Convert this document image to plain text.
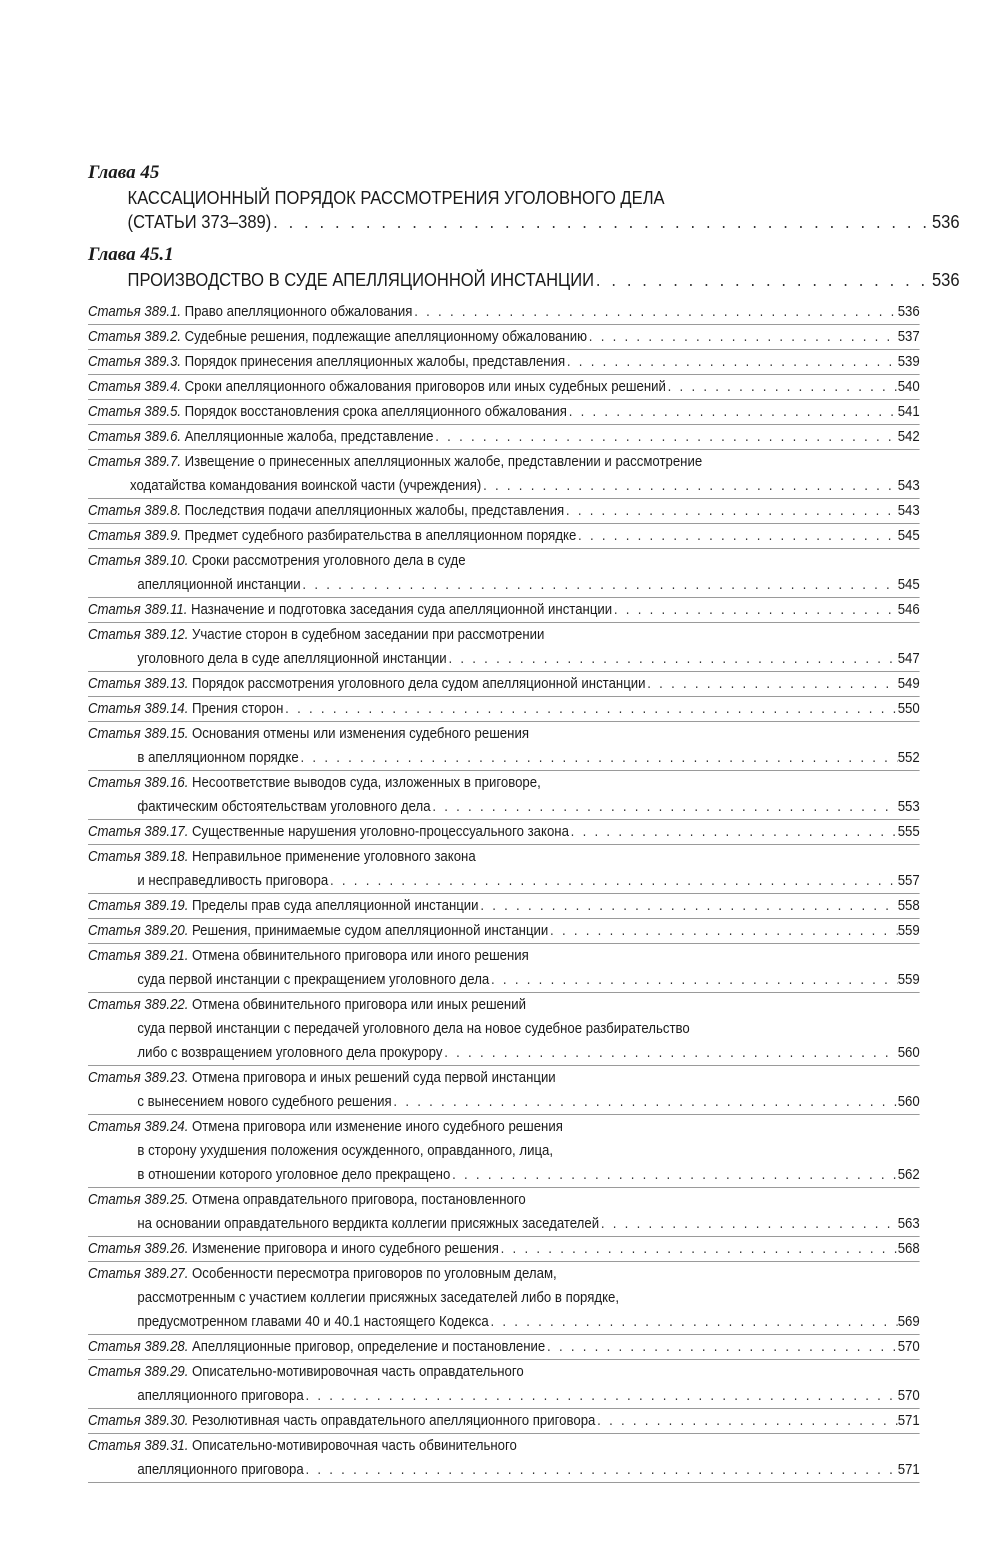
Глава 45
КАССАЦИОННЫЙ ПОРЯДОК РАССМОТРЕНИЯ УГОЛОВНОГО ДЕЛА
(СТАТЬИ 373–389) . . .	536
Глава 45.1
ПРОИЗВОДСТВО В СУДЕ АПЕЛЛЯЦИОННОЙ ИНСТАНЦИИ . . .	536
Статья 389.1. Право апелляционного обжалования . . .	536
Статья 389.2. Судебные решения, подлежащие апелляционному обжалованию . . .	537
Статья 389.3. Порядок принесения апелляционных жалобы, представления . . .	539
Статья 389.4. Сроки апелляционного обжалования приговоров или иных судебных решений . . .	540
Статья 389.5. Порядок восстановления срока апелляционного обжалования . . .	541
Статья 389.6. Апелляционные жалоба, представление . . .	542
Статья 389.7. Извещение о принесенных апелляционных жалобе, представлении и рассмотрение
ходатайства командования воинской части (учреждения) . . .	543
Статья 389.8. Последствия подачи апелляционных жалобы, представления . . .	543
Статья 389.9. Предмет судебного разбирательства в апелляционном порядке . . .	545
Статья 389.10. Сроки рассмотрения уголовного дела в суде
апелляционной инстанции . . .	545
Статья 389.11. Назначение и подготовка заседания суда апелляционной инстанции . . .	546
Статья 389.12. Участие сторон в судебном заседании при рассмотрении
уголовного дела в суде апелляционной инстанции . . .	547
Статья 389.13. Порядок рассмотрения уголовного дела судом апелляционной инстанции . . .	549
Статья 389.14. Прения сторон . . .	550
Статья 389.15. Основания отмены или изменения судебного решения
в апелляционном порядке . . .	552
Статья 389.16. Несоответствие выводов суда, изложенных в приговоре,
фактическим обстоятельствам уголовного дела . . .	553
Статья 389.17. Существенные нарушения уголовно-процессуального закона . . .	555
Статья 389.18. Неправильное применение уголовного закона
и несправедливость приговора . . .	557
Статья 389.19. Пределы прав суда апелляционной инстанции . . .	558
Статья 389.20. Решения, принимаемые судом апелляционной инстанции . . .	559
Статья 389.21. Отмена обвинительного приговора или иного решения
суда первой инстанции с прекращением уголовного дела . . .	559
Статья 389.22. Отмена обвинительного приговора или иных решений
суда первой инстанции с передачей уголовного дела на новое судебное разбирательство
либо с возвращением уголовного дела прокурору . . .	560
Статья 389.23. Отмена приговора и иных решений суда первой инстанции
с вынесением нового судебного решения . . .	560
Статья 389.24. Отмена приговора или изменение иного судебного решения
в сторону ухудшения положения осужденного, оправданного, лица,
в отношении которого уголовное дело прекращено . . .	562
Статья 389.25. Отмена оправдательного приговора, постановленного
на основании оправдательного вердикта коллегии присяжных заседателей . . .	563
Статья 389.26. Изменение приговора и иного судебного решения . . .	568
Статья 389.27. Особенности пересмотра приговоров по уголовным делам,
рассмотренным с участием коллегии присяжных заседателей либо в порядке,
предусмотренном главами 40 и 40.1 настоящего Кодекса . . .	569
Статья 389.28. Апелляционные приговор, определение и постановление . . .	570
Статья 389.29. Описательно-мотивировочная часть оправдательного
апелляционного приговора . . .	570
Статья 389.30. Резолютивная часть оправдательного апелляционного приговора . . .	571
Статья 389.31. Описательно-мотивировочная часть обвинительного
апелляционного приговора . . .	571
